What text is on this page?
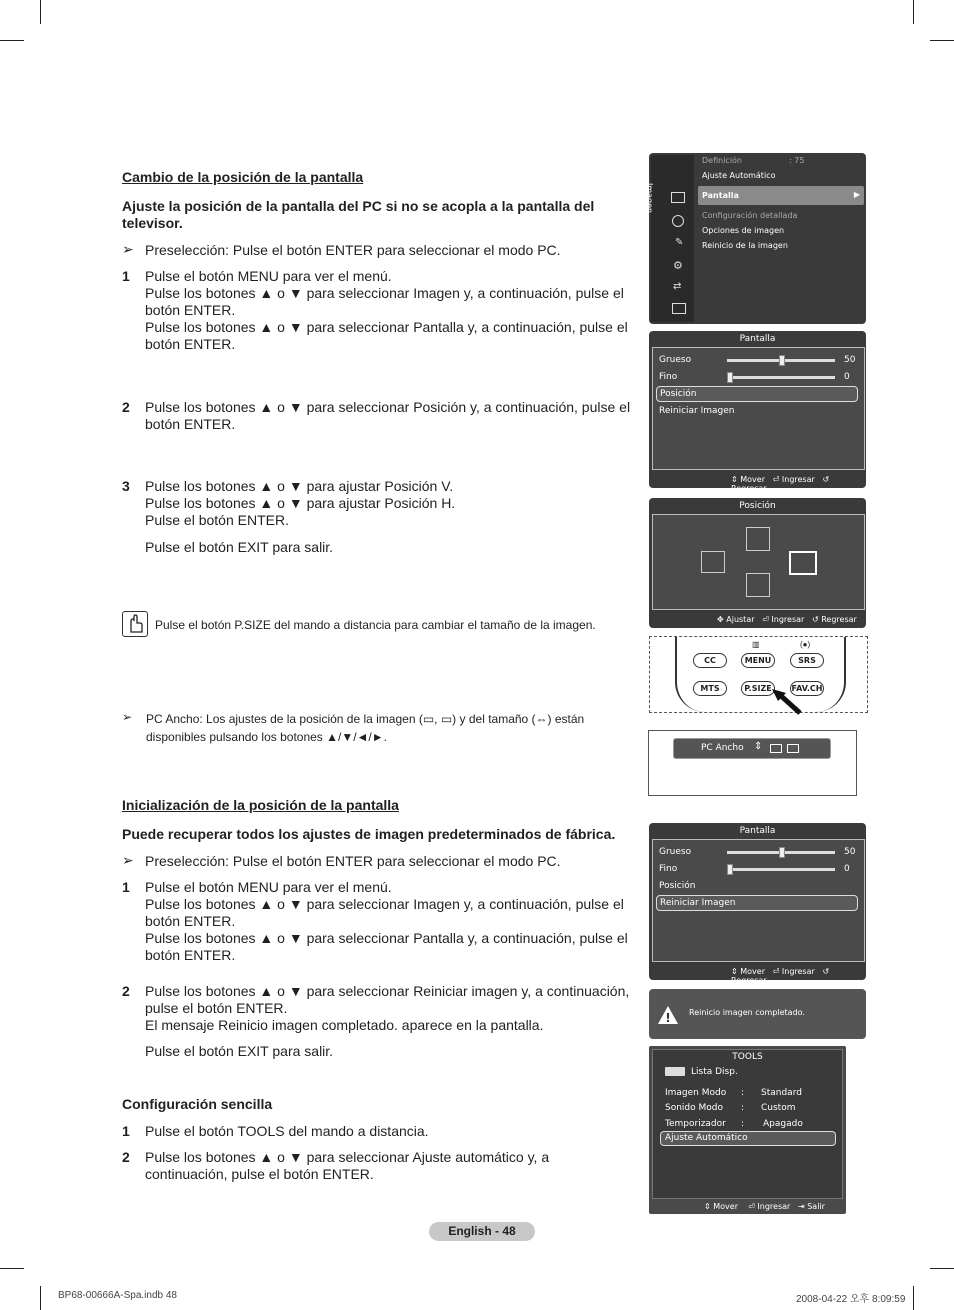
Cambio de la posición de la pantalla
Ajuste la posición de la pantalla del PC si no se acopla a la pantalla del
televisor.
➢ Preselección: Pulse el botón ENTER para seleccionar el modo PC.
1 Pulse el botón MENU para ver el menú.
Pulse los botones ▲ o ▼ para seleccionar Imagen y, a continuación, pulse el
botón ENTER.
Pulse los botones ▲ o ▼ para seleccionar Pantalla y, a continuación, pulse el
botón ENTER.
2 Pulse los botones ▲ o ▼ para seleccionar Posición y, a continuación, pulse el
botón ENTER.
3 Pulse los botones ▲ o ▼ para ajustar Posición V.
Pulse los botones ▲ o ▼ para ajustar Posición H.
Pulse el botón ENTER.
Pulse el botón EXIT para salir.
Pulse el botón P.SIZE del mando a distancia para cambiar el tamaño de la imagen.
➢ PC Ancho: Los ajustes de la posición de la imagen (▭, ▭) y del tamaño (⇔) están
disponibles pulsando los botones ▲/▼/◄/►.
Inicialización de la posición de la pantalla
Puede recuperar todos los ajustes de imagen predeterminados de fábrica.
➢ Preselección: Pulse el botón ENTER para seleccionar el modo PC.
1 Pulse el botón MENU para ver el menú.
Pulse los botones ▲ o ▼ para seleccionar Imagen y, a continuación, pulse el
botón ENTER.
Pulse los botones ▲ o ▼ para seleccionar Pantalla y, a continuación, pulse el
botón ENTER.
2 Pulse los botones ▲ o ▼ para seleccionar Reiniciar imagen y, a continuación,
pulse el botón ENTER.
El mensaje Reinicio imagen completado. aparece en la pantalla.
Pulse el botón EXIT para salir.
Configuración sencilla
1 Pulse el botón TOOLS del mando a distancia.
2 Pulse los botones ▲ o ▼ para seleccionar Ajuste automático y, a
continuación, pulse el botón ENTER.
Imagen
✎
⚙
⇄
Definición	: 75
Ajuste Automático
Pantalla	▶
Configuración detallada
Opciones de imagen
Reinicio de la imagen
Pantalla
Grueso	50
Fino	0
Posición
Reiniciar Imagen
⇕ Mover ⏎ Ingresar ↺ Regresar
Posición
✥ Ajustar ⏎ Ingresar ↺ Regresar
▥	(●)
CC	MENU	SRS
MTS	P.SIZE	FAV.CH
PC Ancho ⇕
Pantalla
Grueso	50
Fino	0
Posición
Reiniciar Imagen
⇕ Mover ⏎ Ingresar ↺ Regresar
! Reinicio imagen completado.
TOOLS
Lista Disp.
Imagen Modo : Standard
Sonido Modo : Custom
Temporizador : Apagado
Ajuste Automático
⇕ Mover ⏎ Ingresar ⇥ Salir
English - 48
BP68-00666A-Spa.indb 48	2008-04-22 오후 8:09:59
